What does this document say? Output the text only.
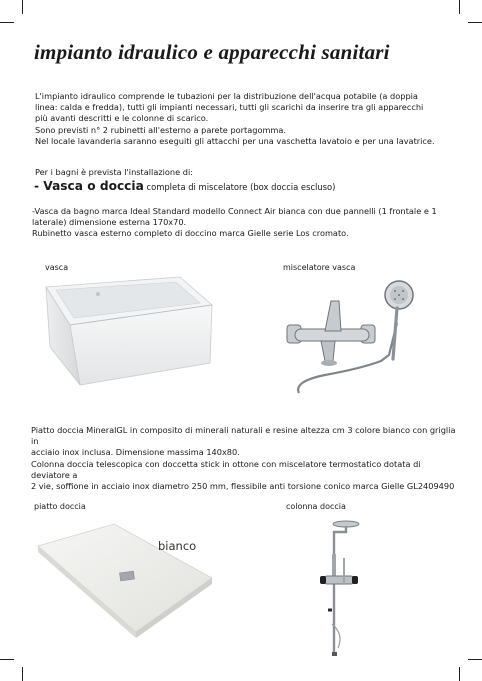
impianto idraulico e apparecchi sanitari

L'impianto idraulico comprende le tubazioni per la distribuzione dell'acqua potabile (a doppia

linea: calda e fredda), tutti gli impianti necessari, tutti gli scarichi da inserire tra gli apparecchi

più avanti descritti e le colonne di scarico.

Sono previsti n° 2 rubinetti all'esterno a parete portagomma.

Nel locale lavanderia saranno eseguiti gli attacchi per una vaschetta lavatoio e per una lavatrice.

Per i bagni è prevista l'installazione di:
- Vasca o doccia completa di miscelatore (box doccia escluso)

-Vasca da bagno marca Ideal Standard modello Connect Air bianca con due pannelli (1 frontale e 1

laterale) dimensione esterna 170x70.

Rubinetto vasca esterno completo di doccino marca Gielle serie Los cromato.

vasca	miscelatore vasca

Piatto doccia MineralGL in composito di minerali naturali e resine altezza cm 3 colore bianco con griglia in

acciaio inox inclusa. Dimensione massima 140x80.

Colonna doccia telescopica con doccetta stick in ottone con miscelatore termostatico dotata di deviatore a

2 vie, soffione in acciaio inox diametro 250 mm, flessibile anti torsione conico marca Gielle GL2409490

piatto doccia	colonna doccia
bianco
